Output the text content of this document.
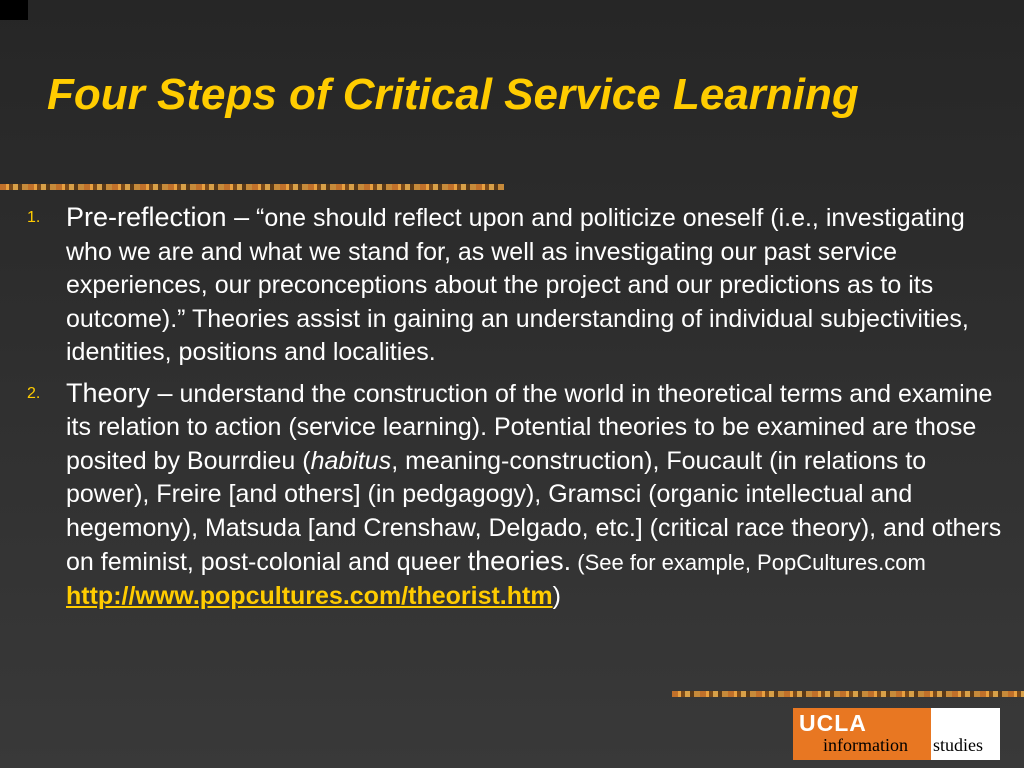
Four Steps of Critical Service Learning
1. Pre-reflection – “one should reflect upon and politicize oneself (i.e., investigating who we are and what we stand for, as well as investigating our past service experiences, our preconceptions about the project and our predictions as to its outcome).” Theories assist in gaining an understanding of individual subjectivities, identities, positions and localities.
2. Theory – understand the construction of the world in theoretical terms and examine its relation to action (service learning). Potential theories to be examined are those posited by Bourrdieu (habitus, meaning-construction), Foucault (in relations to power), Freire [and others] (in pedgagogy), Gramsci (organic intellectual and hegemony), Matsuda [and Crenshaw, Delgado, etc.] (critical race theory), and others on feminist, post-colonial and queer theories. (See for example, PopCultures.com
http://www.popcultures.com/theorist.htm)
UCLA
information studies
